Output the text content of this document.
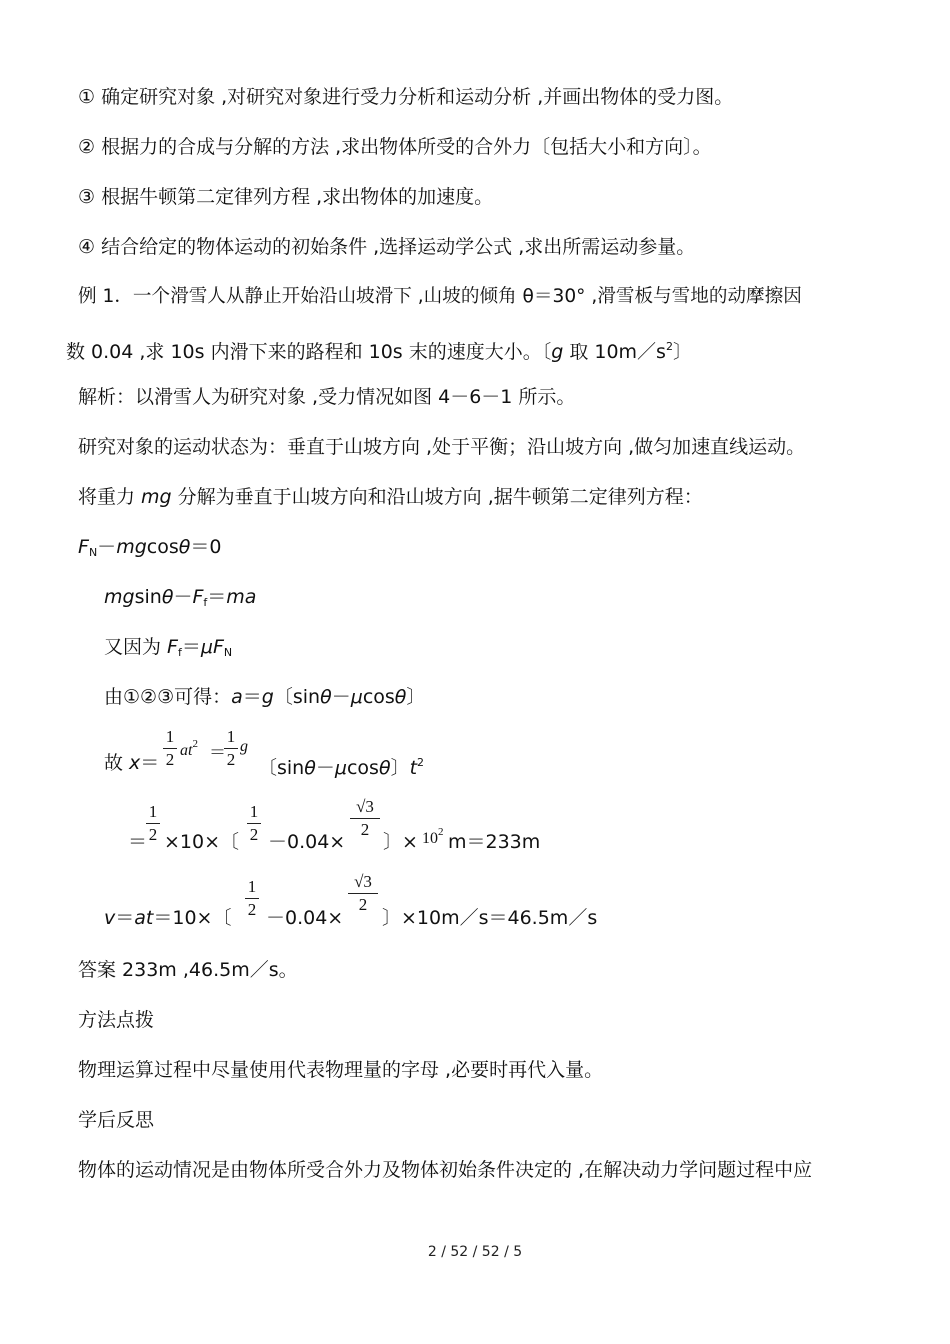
① 确定研究对象 ,对研究对象进行受力分析和运动分析 ,并画出物体的受力图。
② 根据力的合成与分解的方法 ,求出物体所受的合外力〔包括大小和方向〕。
③ 根据牛顿第二定律列方程 ,求出物体的加速度。
④ 结合给定的物体运动的初始条件 ,选择运动学公式 ,求出所需运动参量。
例 1．一个滑雪人从静止开始沿山坡滑下 ,山坡的倾角 θ＝30° ,滑雪板与雪地的动摩擦因
数 0.04 ,求 10s 内滑下来的路程和 10s 末的速度大小。〔g 取 $10m/s^2$〕
解析：以滑雪人为研究对象 ,受力情况如图 4－6－1 所示。
研究对象的运动状态为：垂直于山坡方向 ,处于平衡；沿山坡方向 ,做匀加速直线运动。
将重力 mg 分解为垂直于山坡方向和沿山坡方向 ,据牛顿第二定律列方程：
$F_N-mgcos\theta=0$
$mgsin\theta-F_f=ma$
又因为 $F_f=\mu F_N$
由①②③可得：a＝g〔sinθ－μcosθ〕
故 x＝
1
2 $at^2$ ＝
1
2
g
〔sinθ－μcosθ〕$t^2$
＝
1
2 ×10×〔
1
2 －0.04×
√3
2
〕× $10^2$ m＝233m
v＝at＝10×〔
1
2 －0.04×
√3
2
〕×10m／s＝46.5m／s
答案 233m ,46.5m／s。
方法点拨
物理运算过程中尽量使用代表物理量的字母 ,必要时再代入量。
学后反思
物体的运动情况是由物体所受合外力及物体初始条件决定的 ,在解决动力学问题过程中应
2 / 52 / 52 / 5
